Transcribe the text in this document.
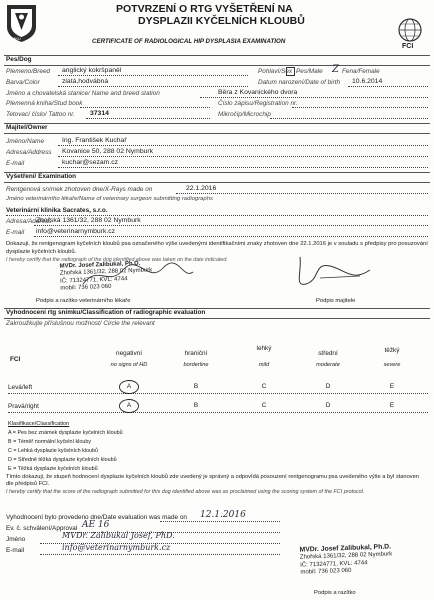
ČMKU
POTVRZENÍ O RTG VYŠETŘENÍ NA
DYSPLAZII KYČELNÍCH KLOUBŮ
CERTIFICATE OF RADIOLOGICAL HIP DYSPLASIA EXAMINATION
FCI
Pes/Dog
Plemeno/Breed anglický kokršpaněl	Pohlaví/Sex Pes/Male Z Fena/Female
Barva/Color	zlatá,hodvábná	Datum narození/Date of birth 10.6.2014
Jméno a chovatelská stanice/ Name and breed station	Běra z Kovanického dvora
Plemenná kniha/Stud book	Číslo zápisu/Registration nr.
Tetovací číslo/ Tattoo nr. 37314	Mikročip/Microchip
Majitel/Owner
Jméno/Name	Ing. František Kuchař
Adresa/Address Kovanice 50, 288 02 Nymburk
E-mail	kuchar@sezam.cz
Vyšetření/ Examination
Rentgenová snímek zhotoven dne/X-Rays made on	22.1.2016
Jméno veterinárního lékaře/Name of veterinary surgeon submitting radiographs
Veterinární klinika Sacrates, s.r.o.
Adresa/Address
Zhořská 1361/32, 288 02 Nymburk
E-mail info@veterinarnymburk.cz
Dokazuji, že rentgenogram kyčelních kloubů psa označeného výše uvedenými identifikačními znaky zhotoven dne 22.1.2016 je v souladu s předpisy pro posuzování dysplazie kyčelních kloubů.
I hereby certify that the radiograph of the dog identified above was taken on the date indicated.
MVDr. Josef Zalibukal, Ph.D.
Zhořská 1361/32, 288 02 Nymburk
IČ: 71324771, KVL: 4744
mobil: 736 023 060
Podpis a razítko veterinárního lékaře	Podpis majitele
Vyhodnocení rtg snímku/Classification of radiographic evaluation
Zakroužkujte příslušnou možnost/ Circle the relevant
FCI
negativní
no signs of HD
hraniční
borderline
lehký
mild
střední
moderate
těžký
severe
Levá/left	A	B	C	D	E
Pravá/right	A	B	C	D	E
Klasifikace/Classification
A = Pes bez známek dysplazie kyčelních kloubů
B = Téměř normální kyčelní klouby
C = Lehká dysplazie kyčelních kloubů
D = Středně těžká dysplazie kyčelních kloubů
E = Těžká dysplazie kyčelních kloubů
Tímto dokazuji, že stupeň hodnocení dysplazie kyčelních kloubů zde uvedený je správný a odpovídá posouzení rentgenogramu psa uvedeného výše a byl stanoven dle předpisů FCI.
I hereby certify that the score of the radiograph submitted for this dog identified above was as proclaimed using the scoring system of the FCI protocol.
Vyhodnocení bylo provedeno dne/Date evaluation was made on 12.1.2016
Ev. č. schválení/Approval AE 16
Jméno	MVDr. Zalibukal Josef, PhD.
E-mail	info@veterinarnymburk.cz	MVDr. Josef Zalibukal, Ph.D.
Zhořská 1361/32, 288 02 Nymburk
IČ: 71324771, KVL: 4744
mobil: 736 023 060
Podpis a razítko
